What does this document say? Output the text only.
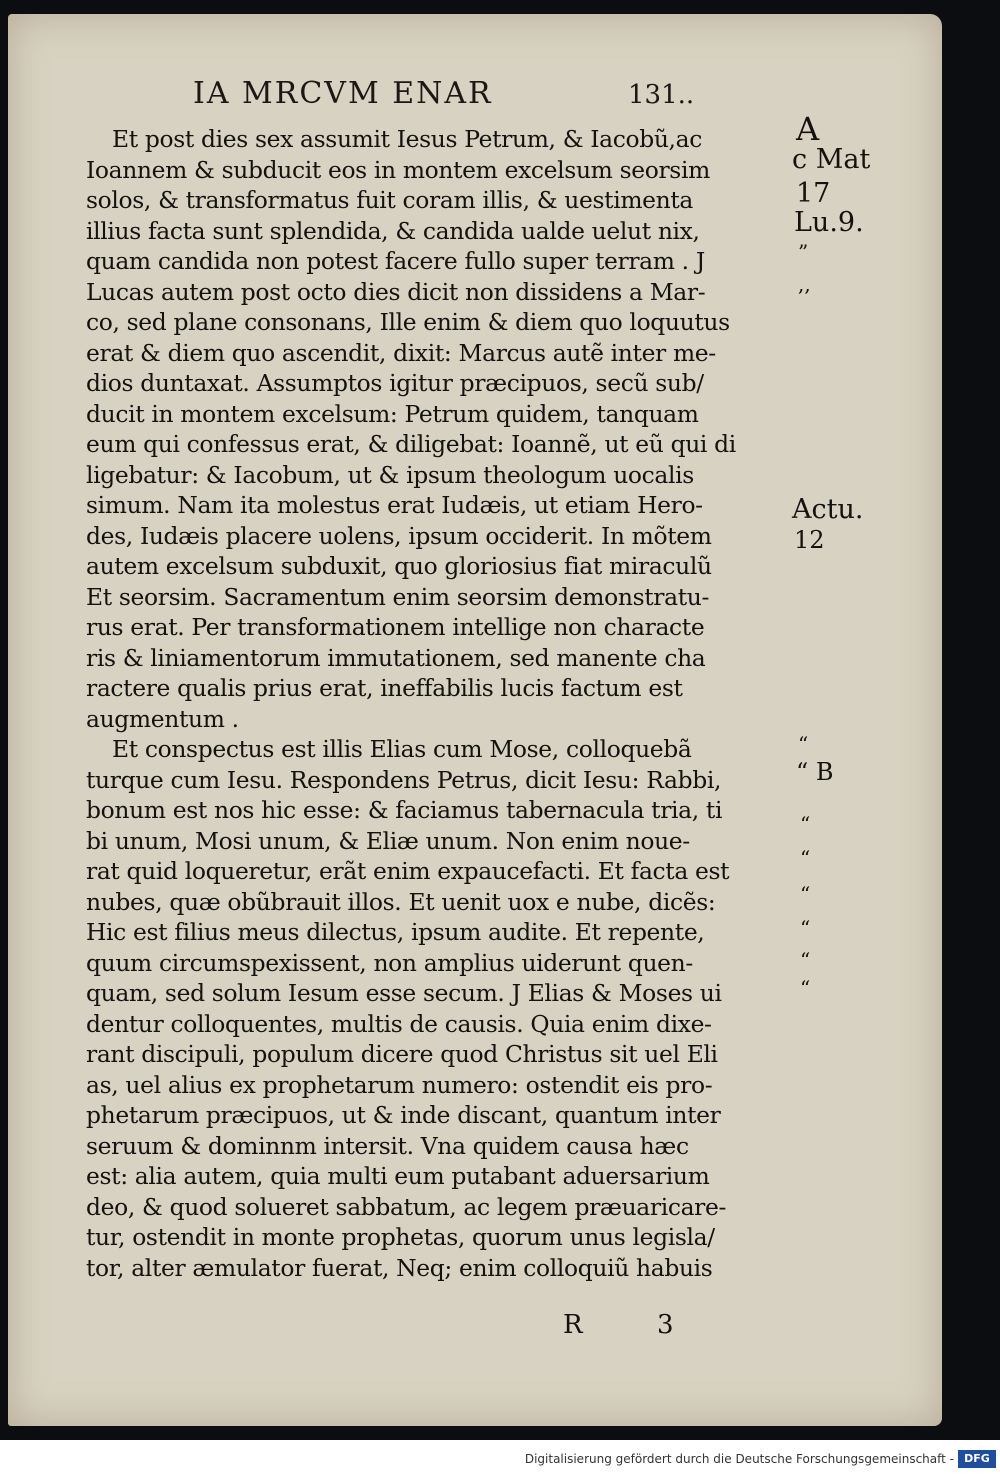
IA MRCVM ENAR	131..
Et post dies sex assumit Iesus Petrum, & Iacobũ,ac
Ioannem & subducit eos in montem excelsum seorsim
solos, & transformatus fuit coram illis, & uestimenta
illius facta sunt splendida, & candida ualde uelut nix,
quam candida non potest facere fullo super terram . J
Lucas autem post octo dies dicit non dissidens a Mar-
co, sed plane consonans, Ille enim & diem quo loquutus
erat & diem quo ascendit, dixit: Marcus autẽ inter me-
dios duntaxat. Assumptos igitur præcipuos, secũ sub/
ducit in montem excelsum: Petrum quidem, tanquam
eum qui confessus erat, & diligebat: Ioannẽ, ut eũ qui di
ligebatur: & Iacobum, ut & ipsum theologum uocalis
simum. Nam ita molestus erat Iudæis, ut etiam Hero-
des, Iudæis placere uolens, ipsum occiderit. In mõtem
autem excelsum subduxit, quo gloriosius fiat miraculũ
Et seorsim. Sacramentum enim seorsim demonstratu-
rus erat. Per transformationem intellige non characte
ris & liniamentorum immutationem, sed manente cha
ractere qualis prius erat, ineffabilis lucis factum est
augmentum .
Et conspectus est illis Elias cum Mose, colloquebã
turque cum Iesu. Respondens Petrus, dicit Iesu: Rabbi,
bonum est nos hic esse: & faciamus tabernacula tria, ti
bi unum, Mosi unum, & Eliæ unum. Non enim noue-
rat quid loqueretur, erãt enim expaucefacti. Et facta est
nubes, quæ obũbrauit illos. Et uenit uox e nube, dicẽs:
Hic est filius meus dilectus, ipsum audite. Et repente,
quum circumspexissent, non amplius uiderunt quen-
quam, sed solum Iesum esse secum. J Elias & Moses ui
dentur colloquentes, multis de causis. Quia enim dixe-
rant discipuli, populum dicere quod Christus sit uel Eli
as, uel alius ex prophetarum numero: ostendit eis pro-
phetarum præcipuos, ut & inde discant, quantum inter
seruum & dominnm intersit. Vna quidem causa hæc
est: alia autem, quia multi eum putabant aduersarium
deo, & quod solueret sabbatum, ac legem præuaricare-
tur, ostendit in monte prophetas, quorum unus legisla/
tor, alter æmulator fuerat, Neq; enim colloquiũ habuis
A
c Mat
17
Lu.9.
”
,,
Actu.
12
“
“ B
“
“
“
“
“
“
R	3
Digitalisierung gefördert durch die Deutsche Forschungsgemeinschaft - DFG
